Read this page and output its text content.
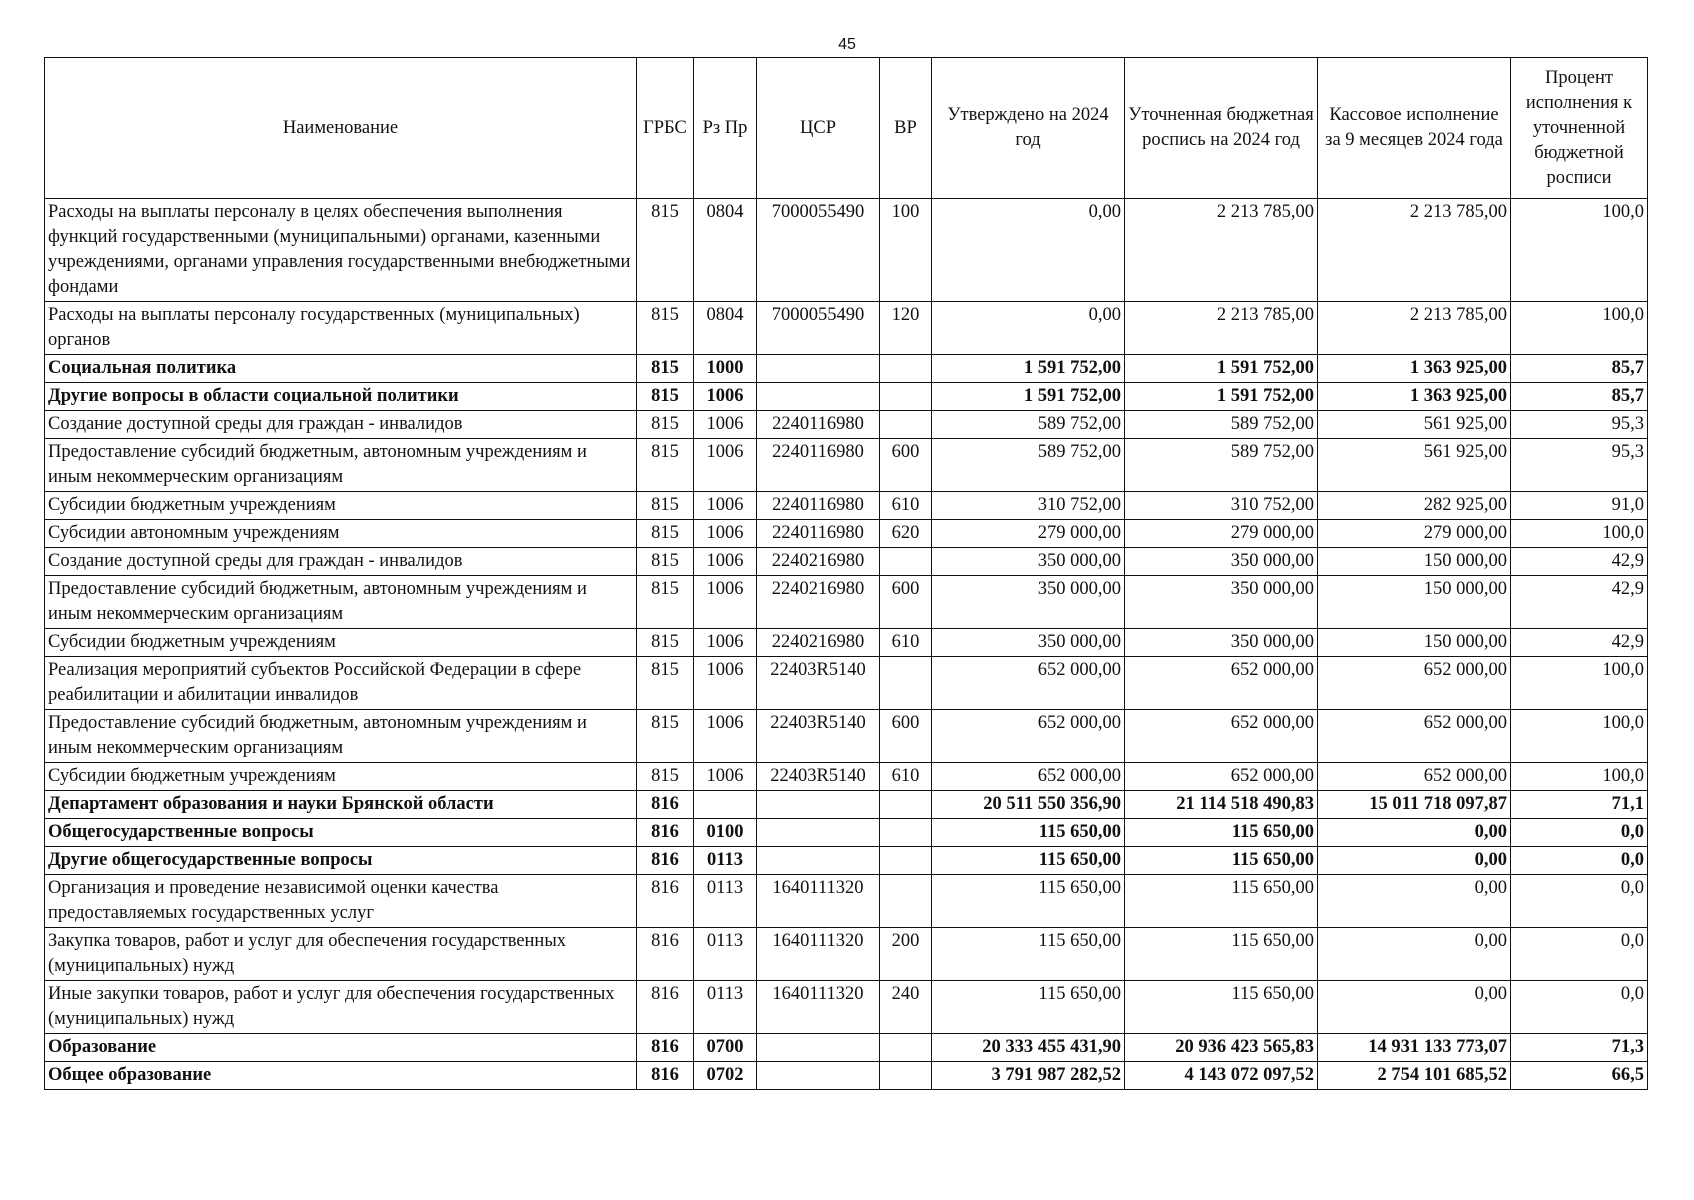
45
Наименование	ГРБС	Рз Пр	ЦСР	ВР	Утверждено на 2024 год	Уточненная бюджетная роспись на 2024 год	Кассовое исполнение за 9 месяцев 2024 года	Процент исполнения к уточненной бюджетной росписи
Расходы на выплаты персоналу в целях обеспечения выполнения функций государственными (муниципальными) органами, казенными учреждениями, органами управления государственными внебюджетными фондами	815	0804	7000055490	100	0,00	2 213 785,00	2 213 785,00	100,0
Расходы на выплаты персоналу государственных (муниципальных) органов	815	0804	7000055490	120	0,00	2 213 785,00	2 213 785,00	100,0
Социальная политика	815	1000			1 591 752,00	1 591 752,00	1 363 925,00	85,7
Другие вопросы в области социальной политики	815	1006			1 591 752,00	1 591 752,00	1 363 925,00	85,7
Создание доступной среды для граждан - инвалидов	815	1006	2240116980		589 752,00	589 752,00	561 925,00	95,3
Предоставление субсидий бюджетным, автономным учреждениям и иным некоммерческим организациям	815	1006	2240116980	600	589 752,00	589 752,00	561 925,00	95,3
Субсидии бюджетным учреждениям	815	1006	2240116980	610	310 752,00	310 752,00	282 925,00	91,0
Субсидии автономным учреждениям	815	1006	2240116980	620	279 000,00	279 000,00	279 000,00	100,0
Создание доступной среды для граждан - инвалидов	815	1006	2240216980		350 000,00	350 000,00	150 000,00	42,9
Предоставление субсидий бюджетным, автономным учреждениям и иным некоммерческим организациям	815	1006	2240216980	600	350 000,00	350 000,00	150 000,00	42,9
Субсидии бюджетным учреждениям	815	1006	2240216980	610	350 000,00	350 000,00	150 000,00	42,9
Реализация мероприятий субъектов Российской Федерации в сфере реабилитации и абилитации инвалидов	815	1006	22403R5140		652 000,00	652 000,00	652 000,00	100,0
Предоставление субсидий бюджетным, автономным учреждениям и иным некоммерческим организациям	815	1006	22403R5140	600	652 000,00	652 000,00	652 000,00	100,0
Субсидии бюджетным учреждениям	815	1006	22403R5140	610	652 000,00	652 000,00	652 000,00	100,0
Департамент образования и науки Брянской области	816				20 511 550 356,90	21 114 518 490,83	15 011 718 097,87	71,1
Общегосударственные вопросы	816	0100			115 650,00	115 650,00	0,00	0,0
Другие общегосударственные вопросы	816	0113			115 650,00	115 650,00	0,00	0,0
Организация и проведение независимой оценки качества предоставляемых государственных услуг	816	0113	1640111320		115 650,00	115 650,00	0,00	0,0
Закупка товаров, работ и услуг для обеспечения государственных (муниципальных) нужд	816	0113	1640111320	200	115 650,00	115 650,00	0,00	0,0
Иные закупки товаров, работ и услуг для обеспечения государственных (муниципальных) нужд	816	0113	1640111320	240	115 650,00	115 650,00	0,00	0,0
Образование	816	0700			20 333 455 431,90	20 936 423 565,83	14 931 133 773,07	71,3
Общее образование	816	0702			3 791 987 282,52	4 143 072 097,52	2 754 101 685,52	66,5
